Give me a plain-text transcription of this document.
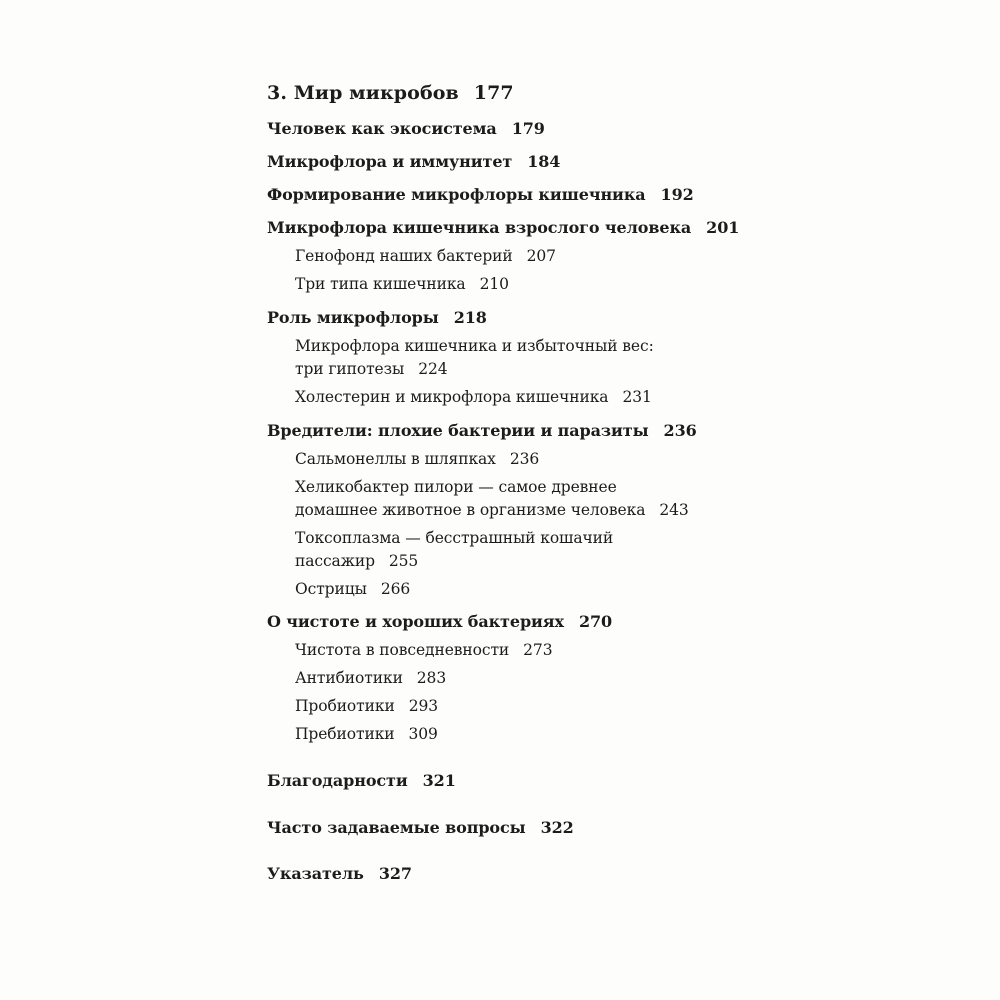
3. Мир микробов 177
Человек как экосистема 179
Микрофлора и иммунитет 184
Формирование микрофлоры кишечника 192
Микрофлора кишечника взрослого человека 201
Генофонд наших бактерий 207
Три типа кишечника 210
Роль микрофлоры 218
Микрофлора кишечника и избыточный вес:
три гипотезы 224
Холестерин и микрофлора кишечника 231
Вредители: плохие бактерии и паразиты 236
Сальмонеллы в шляпках 236
Хеликобактер пилори — самое древнее
домашнее животное в организме человека 243
Токсоплазма — бесстрашный кошачий
пассажир 255
Острицы 266
О чистоте и хороших бактериях 270
Чистота в повседневности 273
Антибиотики 283
Пробиотики 293
Пребиотики 309
Благодарности 321
Часто задаваемые вопросы 322
Указатель 327
